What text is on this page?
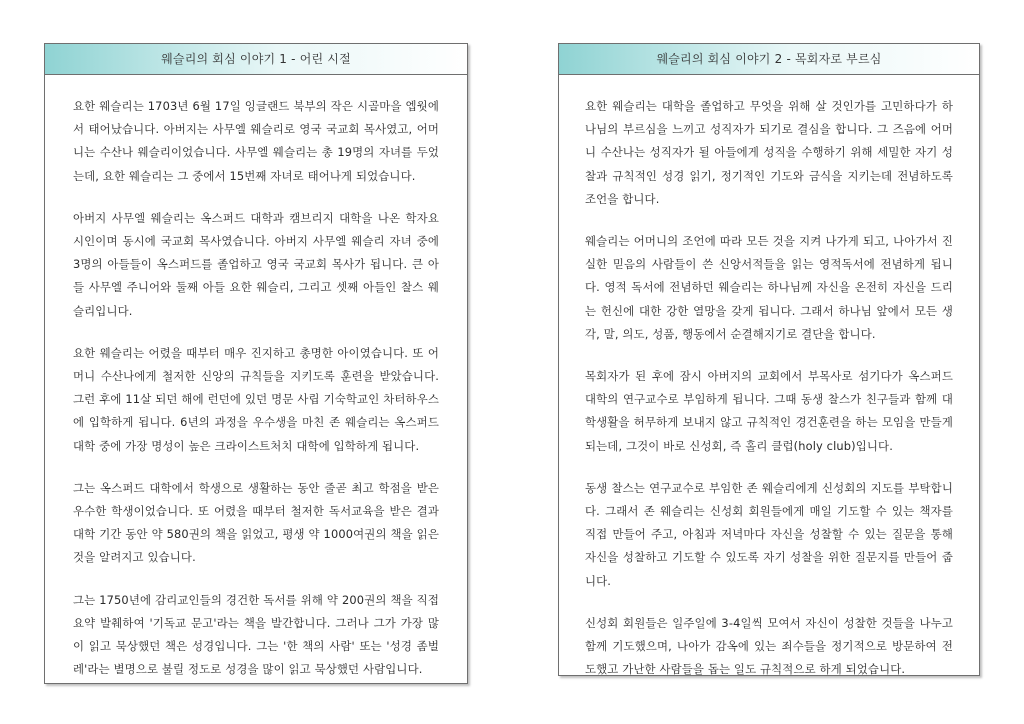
웨슬리의 회심 이야기 1 - 어린 시절

요한 웨슬리는 1703년 6월 17일 잉글랜드 북부의 작은 시골마을 엡웟에서 태어났습니다. 아버지는 사무엘 웨슬리로 영국 국교회 목사였고, 어머니는 수산나 웨슬리이었습니다. 사무엘 웨슬리는 총 19명의 자녀를 두었는데, 요한 웨슬리는 그 중에서 15번째 자녀로 태어나게 되었습니다.

아버지 사무엘 웨슬리는 옥스퍼드 대학과 캠브리지 대학을 나온 학자요 시인이며 동시에 국교회 목사였습니다. 아버지 사무엘 웨슬리 자녀 중에 3명의 아들들이 옥스퍼드를 졸업하고 영국 국교회 목사가 됩니다. 큰 아들 사무엘 주니어와 둘째 아들 요한 웨슬리, 그리고 셋째 아들인 찰스 웨슬리입니다.

요한 웨슬리는 어렸을 때부터 매우 진지하고 총명한 아이였습니다. 또 어머니 수산나에게 철저한 신앙의 규칙들을 지키도록 훈련을 받았습니다. 그런 후에 11살 되던 해에 런던에 있던 명문 사립 기숙학교인 차터하우스에 입학하게 됩니다. 6년의 과정을 우수생을 마친 존 웨슬리는 옥스퍼드 대학 중에 가장 명성이 높은 크라이스트처치 대학에 입학하게 됩니다.

그는 옥스퍼드 대학에서 학생으로 생활하는 동안 줄곧 최고 학점을 받은 우수한 학생이었습니다. 또 어렸을 때부터 철저한 독서교육을 받은 결과 대학 기간 동안 약 580권의 책을 읽었고, 평생 약 1000여권의 책을 읽은 것을 알려지고 있습니다.

그는 1750년에 감리교인들의 경건한 독서를 위해 약 200권의 책을 직접 요약 발췌하여 '기독교 문고'라는 책을 발간합니다. 그러나 그가 가장 많이 읽고 묵상했던 책은 성경입니다. 그는 '한 책의 사람' 또는 '성경 좀벌레'라는 별명으로 불릴 정도로 성경을 많이 읽고 묵상했던 사람입니다.

웨슬리의 회심 이야기 2 - 목회자로 부르심

요한 웨슬리는 대학을 졸업하고 무엇을 위해 살 것인가를 고민하다가 하나님의 부르심을 느끼고 성직자가 되기로 결심을 합니다. 그 즈음에 어머니 수산나는 성직자가 될 아들에게 성직을 수행하기 위해 세밀한 자기 성찰과 규칙적인 성경 읽기, 정기적인 기도와 금식을 지키는데 전념하도록 조언을 합니다.

웨슬리는 어머니의 조언에 따라 모든 것을 지켜 나가게 되고, 나아가서 진실한 믿음의 사람들이 쓴 신앙서적들을 읽는 영적독서에 전념하게 됩니다. 영적 독서에 전념하던 웨슬리는 하나님께 자신을 온전히 자신을 드리는 헌신에 대한 강한 열망을 갖게 됩니다. 그래서 하나님 앞에서 모든 생각, 말, 의도, 성품, 행동에서 순결해지기로 결단을 합니다.

목회자가 된 후에 잠시 아버지의 교회에서 부목사로 섬기다가 옥스퍼드 대학의 연구교수로 부임하게 됩니다. 그때 동생 찰스가 친구들과 함께 대학생활을 허무하게 보내지 않고 규칙적인 경건훈련을 하는 모임을 만들게 되는데, 그것이 바로 신성회, 즉 홀리 클럽(holy club)입니다.

동생 찰스는 연구교수로 부임한 존 웨슬리에게 신성회의 지도를 부탁합니다. 그래서 존 웨슬리는 신성회 회원들에게 매일 기도할 수 있는 책자를 직접 만들어 주고, 아침과 저녁마다 자신을 성찰할 수 있는 질문을 통해 자신을 성찰하고 기도할 수 있도록 자기 성찰을 위한 질문지를 만들어 줍니다.

신성회 회원들은 일주일에 3-4일씩 모여서 자신이 성찰한 것들을 나누고 함께 기도했으며, 나아가 감옥에 있는 죄수들을 정기적으로 방문하여 전도했고 가난한 사람들을 돕는 일도 규칙적으로 하게 되었습니다.
